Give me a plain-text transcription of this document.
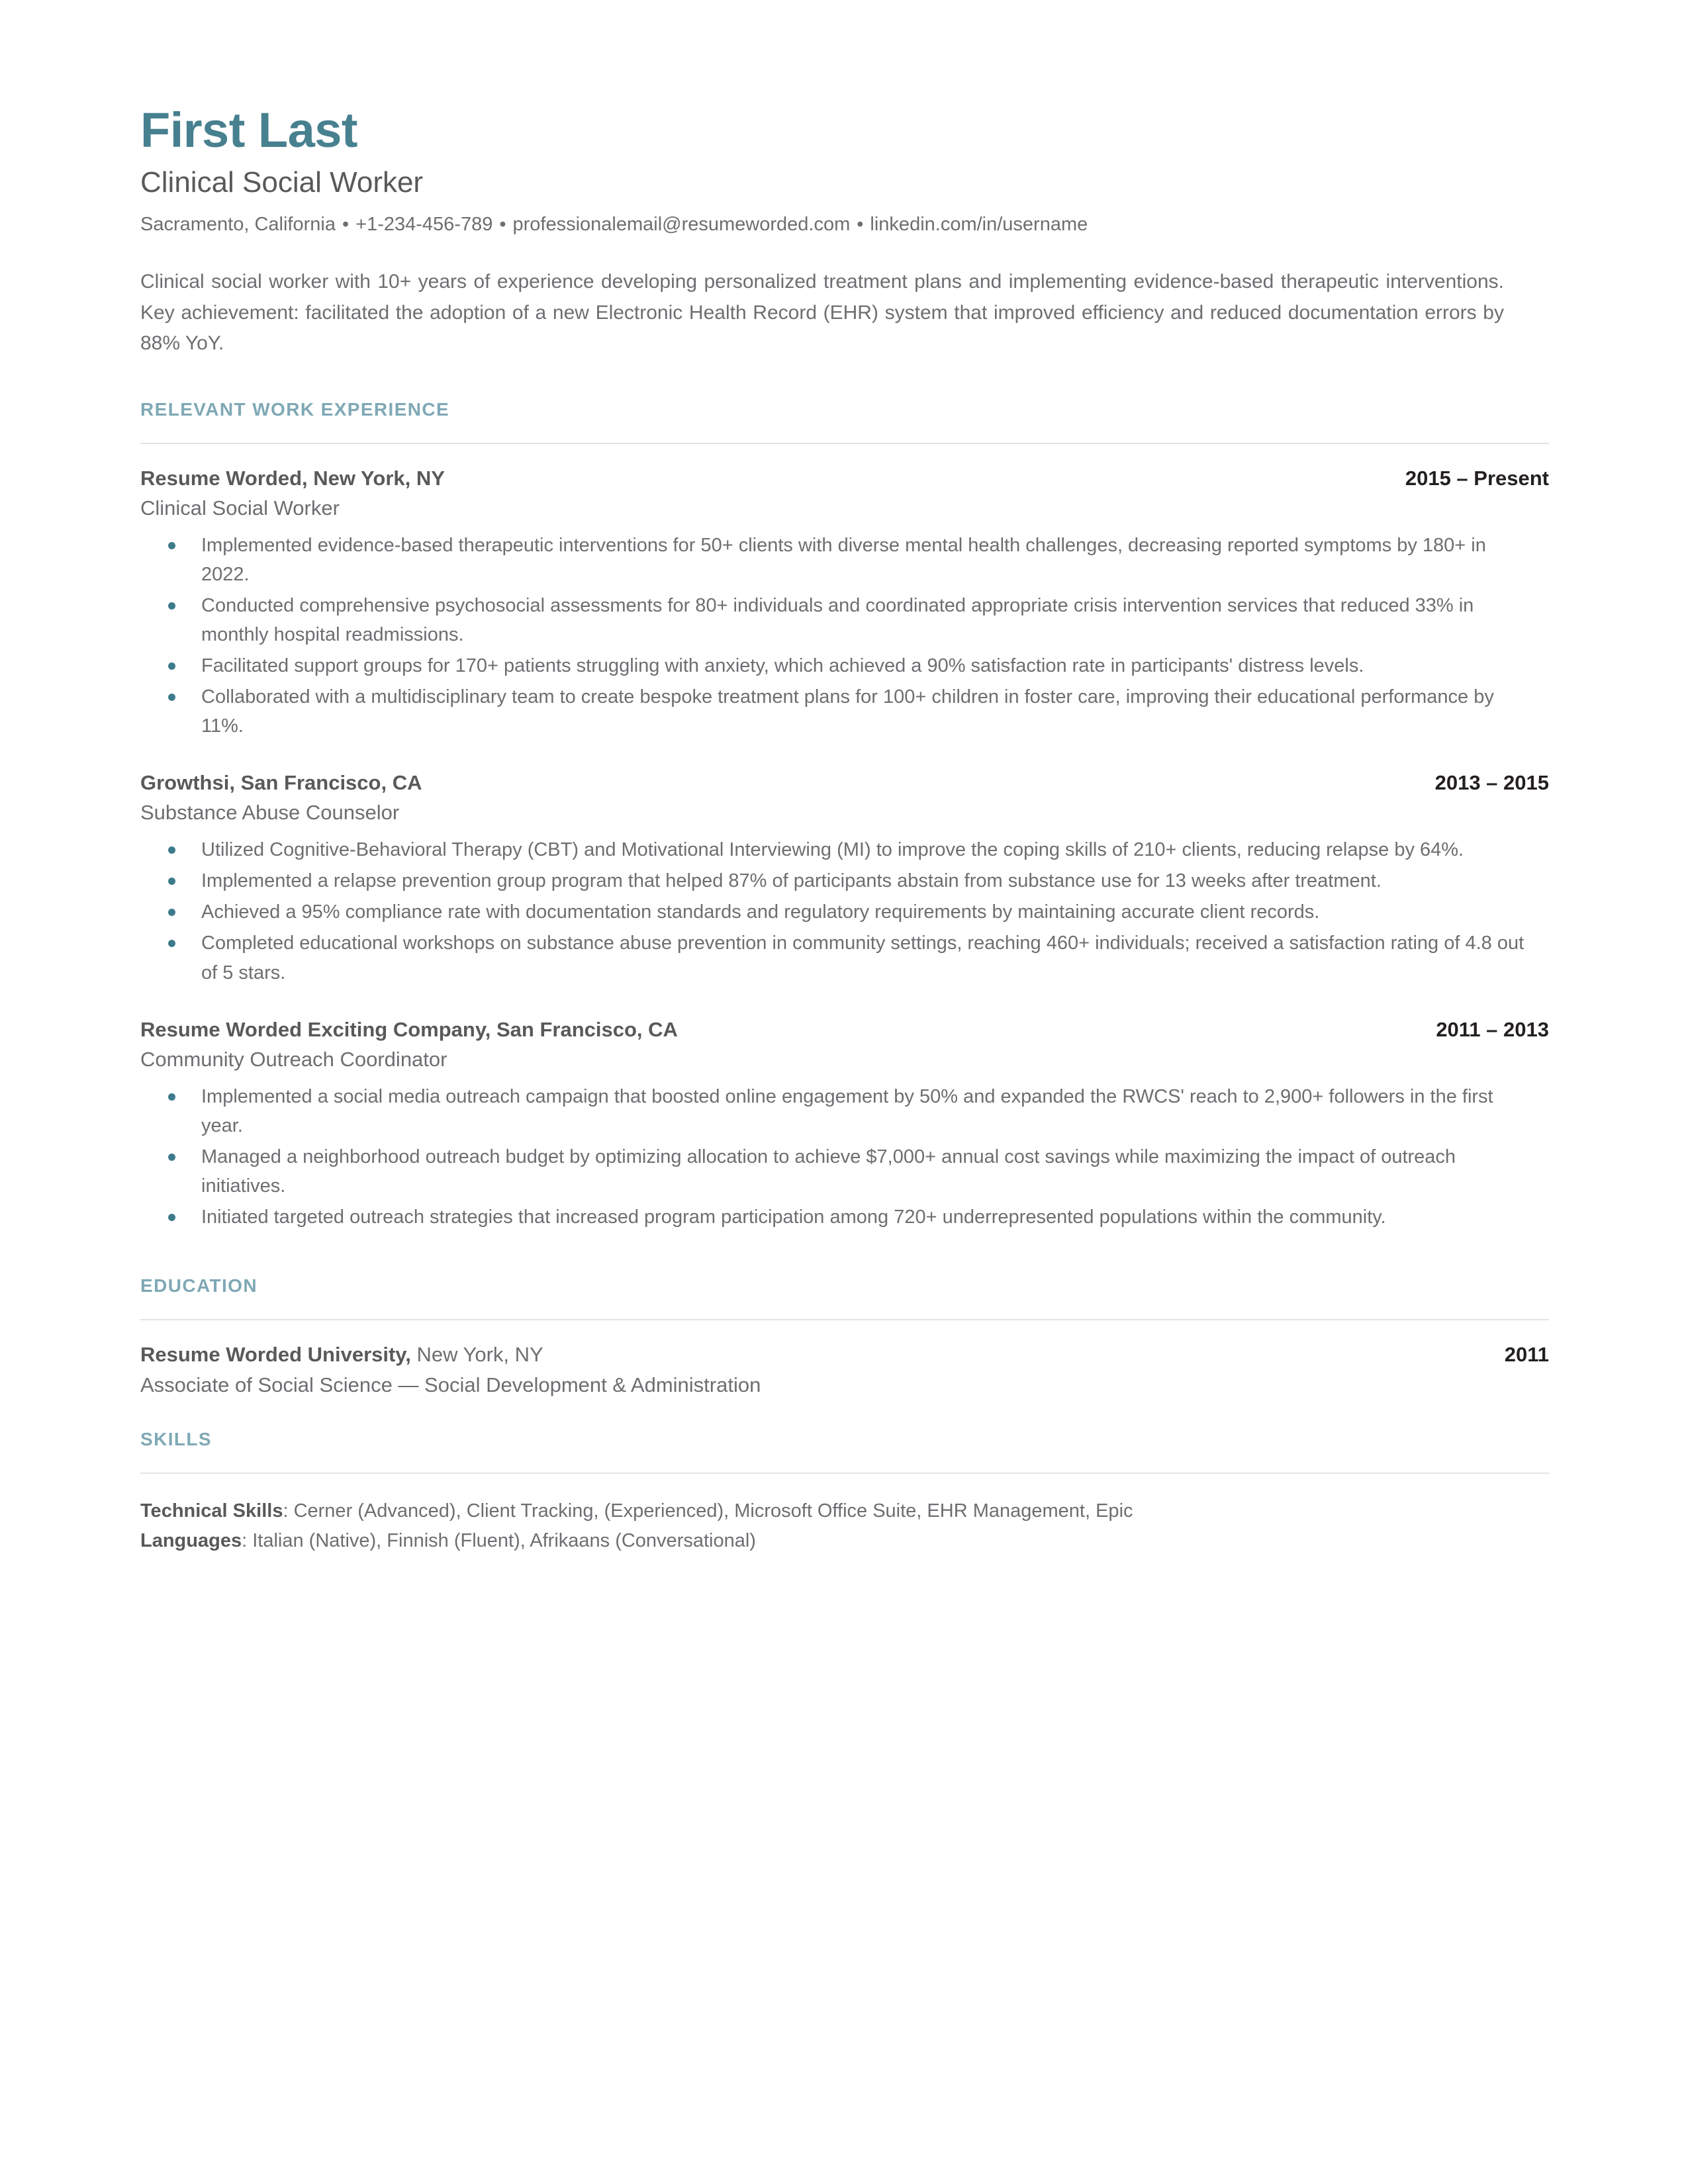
First Last
Clinical Social Worker
Sacramento, California • +1-234-456-789 • professionalemail@resumeworded.com • linkedin.com/in/username

Clinical social worker with 10+ years of experience developing personalized treatment plans and implementing evidence-based therapeutic interventions. Key achievement: facilitated the adoption of a new Electronic Health Record (EHR) system that improved efficiency and reduced documentation errors by 88% YoY.

RELEVANT WORK EXPERIENCE
Resume Worded, New York, NY	2015 – Present
Clinical Social Worker
Implemented evidence-based therapeutic interventions for 50+ clients with diverse mental health challenges, decreasing reported symptoms by 180+ in 2022.
Conducted comprehensive psychosocial assessments for 80+ individuals and coordinated appropriate crisis intervention services that reduced 33% in monthly hospital readmissions.
Facilitated support groups for 170+ patients struggling with anxiety, which achieved a 90% satisfaction rate in participants' distress levels.
Collaborated with a multidisciplinary team to create bespoke treatment plans for 100+ children in foster care, improving their educational performance by 11%.
Growthsi, San Francisco, CA	2013 – 2015
Substance Abuse Counselor
Utilized Cognitive-Behavioral Therapy (CBT) and Motivational Interviewing (MI) to improve the coping skills of 210+ clients, reducing relapse by 64%.
Implemented a relapse prevention group program that helped 87% of participants abstain from substance use for 13 weeks after treatment.
Achieved a 95% compliance rate with documentation standards and regulatory requirements by maintaining accurate client records.
Completed educational workshops on substance abuse prevention in community settings, reaching 460+ individuals; received a satisfaction rating of 4.8 out of 5 stars.
Resume Worded Exciting Company, San Francisco, CA	2011 – 2013
Community Outreach Coordinator
Implemented a social media outreach campaign that boosted online engagement by 50% and expanded the RWCS' reach to 2,900+ followers in the first year.
Managed a neighborhood outreach budget by optimizing allocation to achieve $7,000+ annual cost savings while maximizing the impact of outreach initiatives.
Initiated targeted outreach strategies that increased program participation among 720+ underrepresented populations within the community.
EDUCATION
Resume Worded University, New York, NY	2011
Associate of Social Science — Social Development & Administration
SKILLS
Technical Skills: Cerner (Advanced), Client Tracking, (Experienced), Microsoft Office Suite, EHR Management, Epic
Languages: Italian (Native), Finnish (Fluent), Afrikaans (Conversational)
